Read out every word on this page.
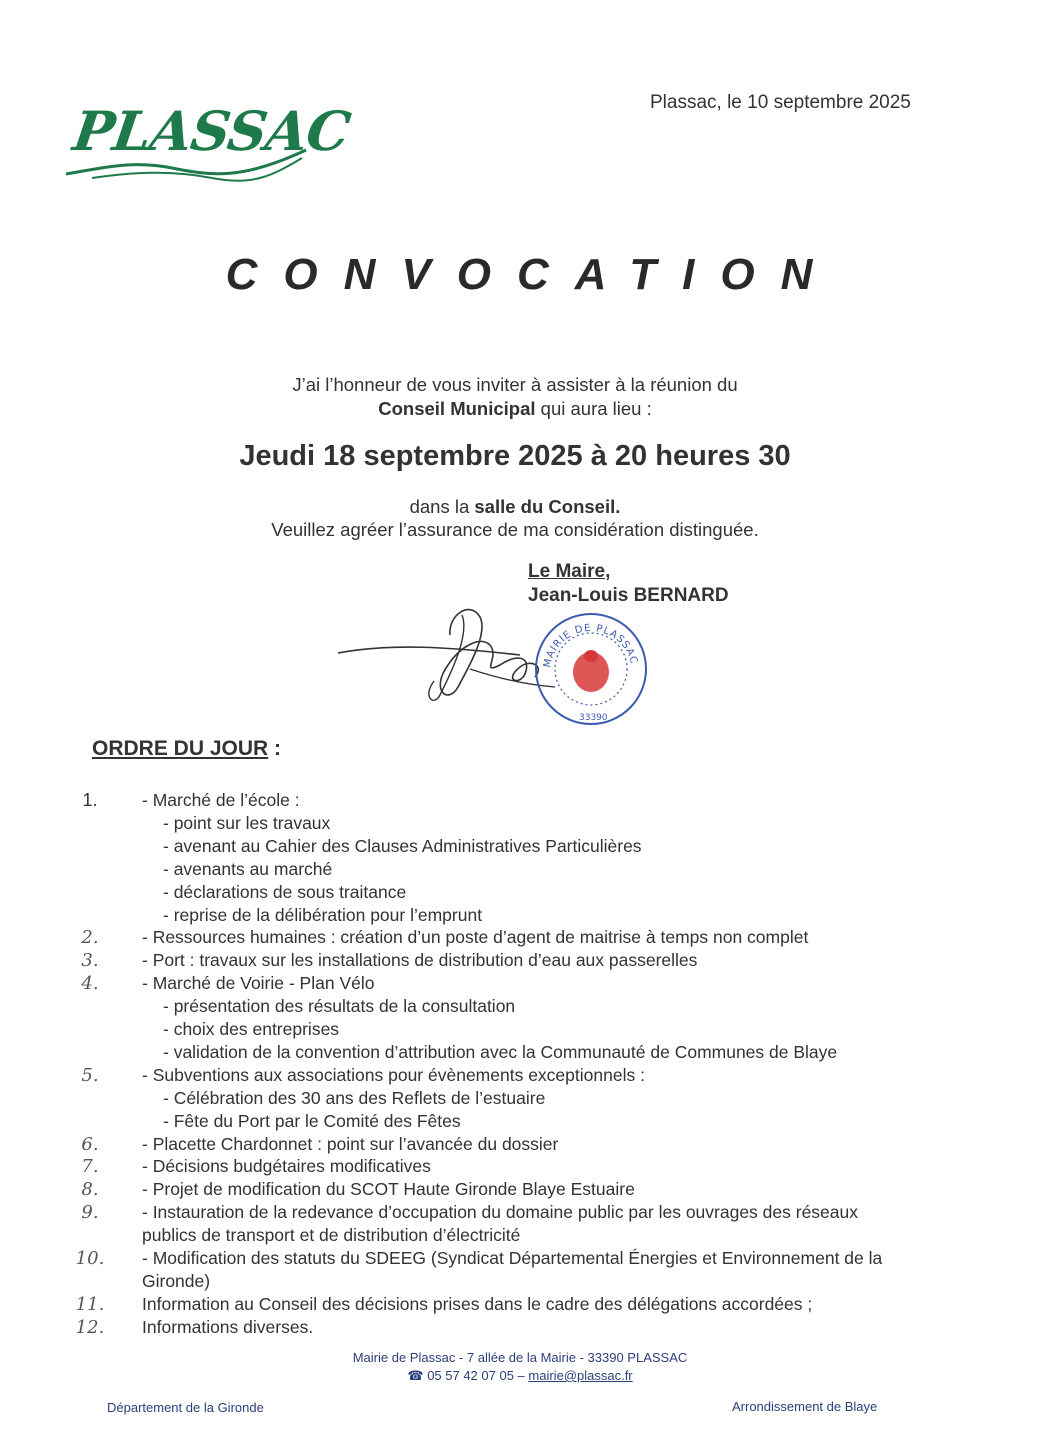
PLASSAC	Plassac, le 10 septembre 2025
CONVOCATION
J’ai l’honneur de vous inviter à assister à la réunion du
Conseil Municipal qui aura lieu :
Jeudi 18 septembre 2025 à 20 heures 30
dans la salle du Conseil.
Veuillez agréer l’assurance de ma considération distinguée.
Le Maire,
Jean-Louis BERNARD
MAIRIE DE PLASSAC
33390
ORDRE DU JOUR :
1.	- Marché de l’école :
- point sur les travaux
- avenant au Cahier des Clauses Administratives Particulières
- avenants au marché
- déclarations de sous traitance
- reprise de la délibération pour l’emprunt
2.	- Ressources humaines : création d’un poste d’agent de maitrise à temps non complet
3.	- Port : travaux sur les installations de distribution d’eau aux passerelles
4.	- Marché de Voirie - Plan Vélo
- présentation des résultats de la consultation
- choix des entreprises
- validation de la convention d’attribution avec la Communauté de Communes de Blaye
5.	- Subventions aux associations pour évènements exceptionnels :
- Célébration des 30 ans des Reflets de l’estuaire
- Fête du Port par le Comité des Fêtes
6.	- Placette Chardonnet : point sur l’avancée du dossier
7.	- Décisions budgétaires modificatives
8.	- Projet de modification du SCOT Haute Gironde Blaye Estuaire
9.	- Instauration de la redevance d’occupation du domaine public par les ouvrages des réseaux
publics de transport et de distribution d’électricité
10.	- Modification des statuts du SDEEG (Syndicat Départemental Énergies et Environnement de la
Gironde)
11.	Information au Conseil des décisions prises dans le cadre des délégations accordées ;
12.	Informations diverses.
Mairie de Plassac - 7 allée de la Mairie - 33390 PLASSAC
☎ 05 57 42 07 05 – mairie@plassac.fr
Département de la Gironde	Arrondissement de Blaye
